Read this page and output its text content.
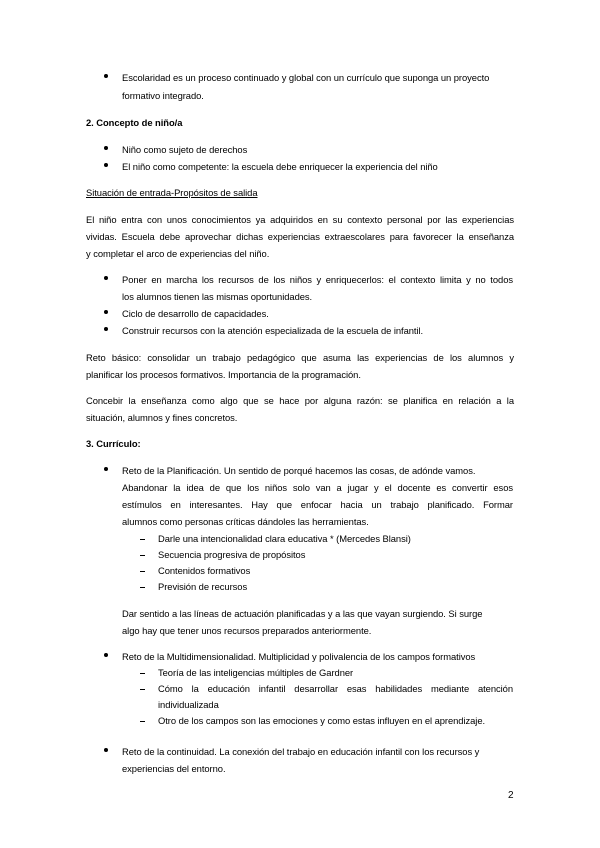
Escolaridad es un proceso continuado y global con un currículo que suponga un proyecto
formativo integrado.
2. Concepto de niño/a
Niño como sujeto de derechos
El niño como competente: la escuela debe enriquecer la experiencia del niño
Situación de entrada-Propósitos de salida
El niño entra con unos conocimientos ya adquiridos en su contexto personal por las experiencias
vividas. Escuela debe aprovechar dichas experiencias extraescolares para favorecer la enseñanza
y completar el arco de experiencias del niño.
Poner en marcha los recursos de los niños y enriquecerlos: el contexto limita y no todos
los alumnos tienen las mismas oportunidades.
Ciclo de desarrollo de capacidades.
Construir recursos con la atención especializada de la escuela de infantil.
Reto básico: consolidar un trabajo pedagógico que asuma las experiencias de los alumnos y
planificar los procesos formativos. Importancia de la programación.
Concebir la enseñanza como algo que se hace por alguna razón: se planifica en relación a la
situación, alumnos y fines concretos.
3. Currículo:
Reto de la Planificación. Un sentido de porqué hacemos las cosas, de adónde vamos.
Abandonar la idea de que los niños solo van a jugar y el docente es convertir esos
estímulos en interesantes. Hay que enfocar hacia un trabajo planificado. Formar
alumnos como personas críticas dándoles las herramientas.
Darle una intencionalidad clara educativa * (Mercedes Blansi)
Secuencia progresiva de propósitos
Contenidos formativos
Previsión de recursos
Dar sentido a las líneas de actuación planificadas y a las que vayan surgiendo. Si surge
algo hay que tener unos recursos preparados anteriormente.
Reto de la Multidimensionalidad. Multiplicidad y polivalencia de los campos formativos
Teoría de las inteligencias múltiples de Gardner
Cómo la educación infantil desarrollar esas habilidades mediante atención
individualizada
Otro de los campos son las emociones y como estas influyen en el aprendizaje.
Reto de la continuidad. La conexión del trabajo en educación infantil con los recursos y
experiencias del entorno.
2
